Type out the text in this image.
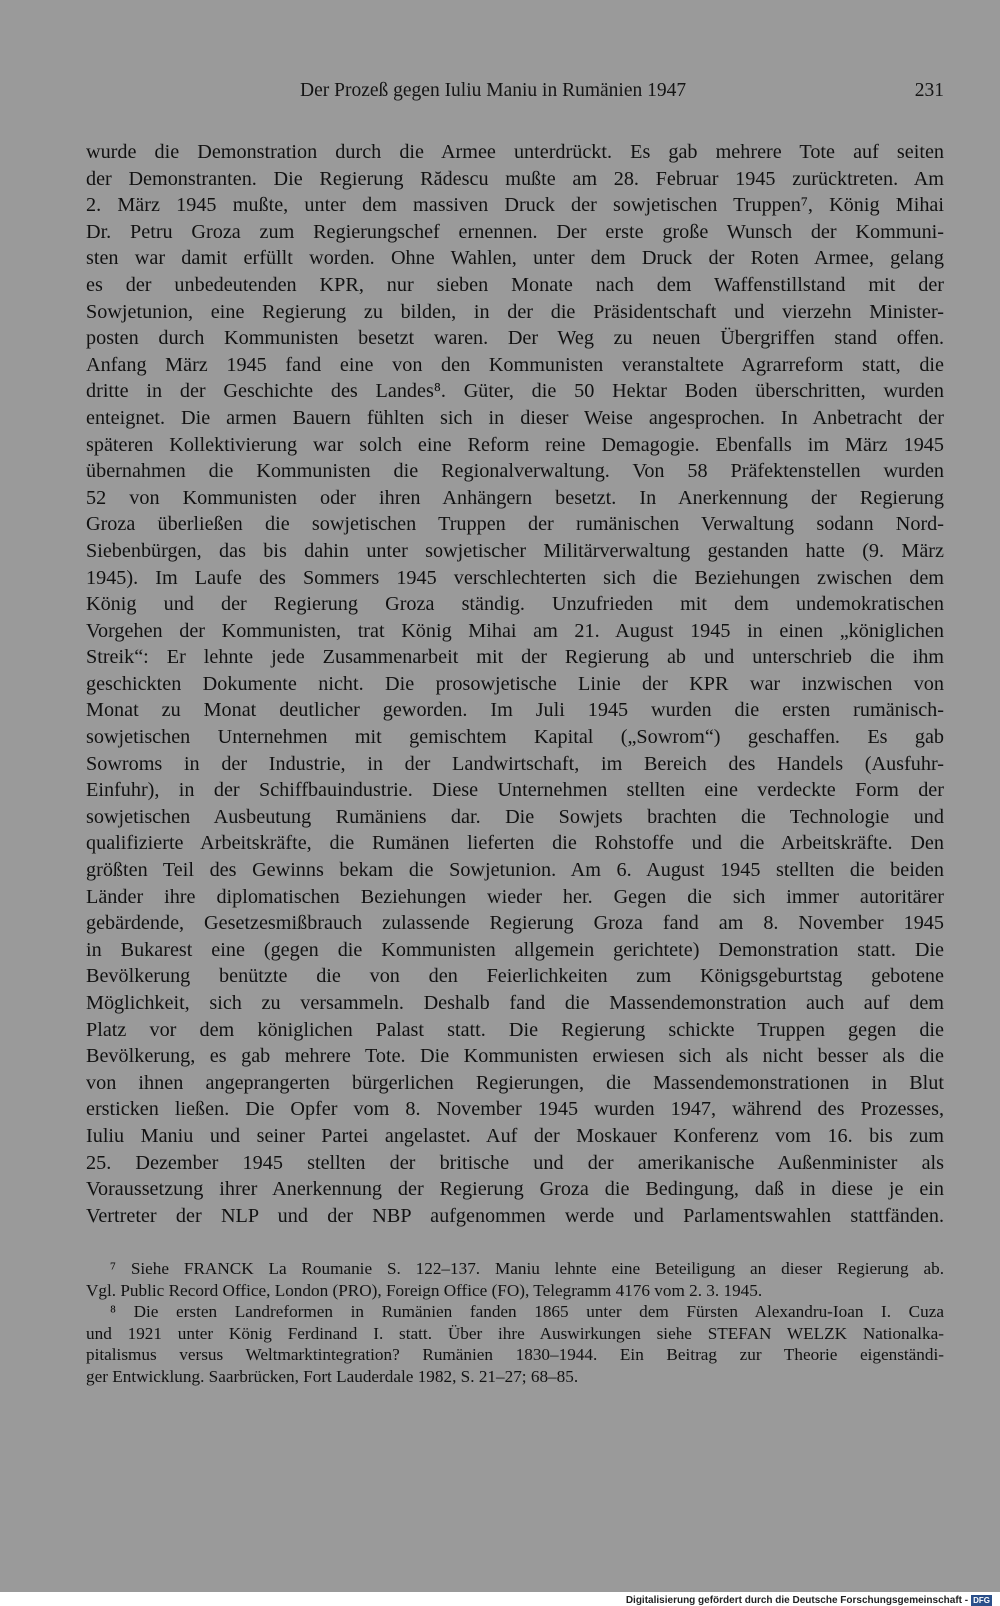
Der Prozeß gegen Iuliu Maniu in Rumänien 1947	231
wurde die Demonstration durch die Armee unterdrückt. Es gab mehrere Tote auf seiten
der Demonstranten. Die Regierung Rădescu mußte am 28. Februar 1945 zurücktreten. Am
2. März 1945 mußte, unter dem massiven Druck der sowjetischen Truppen⁷, König Mihai
Dr. Petru Groza zum Regierungschef ernennen. Der erste große Wunsch der Kommuni-
sten war damit erfüllt worden. Ohne Wahlen, unter dem Druck der Roten Armee, gelang
es der unbedeutenden KPR, nur sieben Monate nach dem Waffenstillstand mit der
Sowjetunion, eine Regierung zu bilden, in der die Präsidentschaft und vierzehn Minister-
posten durch Kommunisten besetzt waren. Der Weg zu neuen Übergriffen stand offen.
Anfang März 1945 fand eine von den Kommunisten veranstaltete Agrarreform statt, die
dritte in der Geschichte des Landes⁸. Güter, die 50 Hektar Boden überschritten, wurden
enteignet. Die armen Bauern fühlten sich in dieser Weise angesprochen. In Anbetracht der
späteren Kollektivierung war solch eine Reform reine Demagogie. Ebenfalls im März 1945
übernahmen die Kommunisten die Regionalverwaltung. Von 58 Präfektenstellen wurden
52 von Kommunisten oder ihren Anhängern besetzt. In Anerkennung der Regierung
Groza überließen die sowjetischen Truppen der rumänischen Verwaltung sodann Nord-
Siebenbürgen, das bis dahin unter sowjetischer Militärverwaltung gestanden hatte (9. März
1945). Im Laufe des Sommers 1945 verschlechterten sich die Beziehungen zwischen dem
König und der Regierung Groza ständig. Unzufrieden mit dem undemokratischen
Vorgehen der Kommunisten, trat König Mihai am 21. August 1945 in einen „königlichen
Streik“: Er lehnte jede Zusammenarbeit mit der Regierung ab und unterschrieb die ihm
geschickten Dokumente nicht. Die prosowjetische Linie der KPR war inzwischen von
Monat zu Monat deutlicher geworden. Im Juli 1945 wurden die ersten rumänisch-
sowjetischen Unternehmen mit gemischtem Kapital („Sowrom“) geschaffen. Es gab
Sowroms in der Industrie, in der Landwirtschaft, im Bereich des Handels (Ausfuhr-
Einfuhr), in der Schiffbauindustrie. Diese Unternehmen stellten eine verdeckte Form der
sowjetischen Ausbeutung Rumäniens dar. Die Sowjets brachten die Technologie und
qualifizierte Arbeitskräfte, die Rumänen lieferten die Rohstoffe und die Arbeitskräfte. Den
größten Teil des Gewinns bekam die Sowjetunion. Am 6. August 1945 stellten die beiden
Länder ihre diplomatischen Beziehungen wieder her. Gegen die sich immer autoritärer
gebärdende, Gesetzesmißbrauch zulassende Regierung Groza fand am 8. November 1945
in Bukarest eine (gegen die Kommunisten allgemein gerichtete) Demonstration statt. Die
Bevölkerung benützte die von den Feierlichkeiten zum Königsgeburtstag gebotene
Möglichkeit, sich zu versammeln. Deshalb fand die Massendemonstration auch auf dem
Platz vor dem königlichen Palast statt. Die Regierung schickte Truppen gegen die
Bevölkerung, es gab mehrere Tote. Die Kommunisten erwiesen sich als nicht besser als die
von ihnen angeprangerten bürgerlichen Regierungen, die Massendemonstrationen in Blut
ersticken ließen. Die Opfer vom 8. November 1945 wurden 1947, während des Prozesses,
Iuliu Maniu und seiner Partei angelastet. Auf der Moskauer Konferenz vom 16. bis zum
25. Dezember 1945 stellten der britische und der amerikanische Außenminister als
Voraussetzung ihrer Anerkennung der Regierung Groza die Bedingung, daß in diese je ein
Vertreter der NLP und der NBP aufgenommen werde und Parlamentswahlen stattfänden.
⁷ Siehe FRANCK La Roumanie S. 122–137. Maniu lehnte eine Beteiligung an dieser Regierung ab.
Vgl. Public Record Office, London (PRO), Foreign Office (FO), Telegramm 4176 vom 2. 3. 1945.
⁸ Die ersten Landreformen in Rumänien fanden 1865 unter dem Fürsten Alexandru-Ioan I. Cuza
und 1921 unter König Ferdinand I. statt. Über ihre Auswirkungen siehe STEFAN WELZK Nationalka-
pitalismus versus Weltmarktintegration? Rumänien 1830–1944. Ein Beitrag zur Theorie eigenständi-
ger Entwicklung. Saarbrücken, Fort Lauderdale 1982, S. 21–27; 68–85.
Digitalisierung gefördert durch die Deutsche Forschungsgemeinschaft - DFG
